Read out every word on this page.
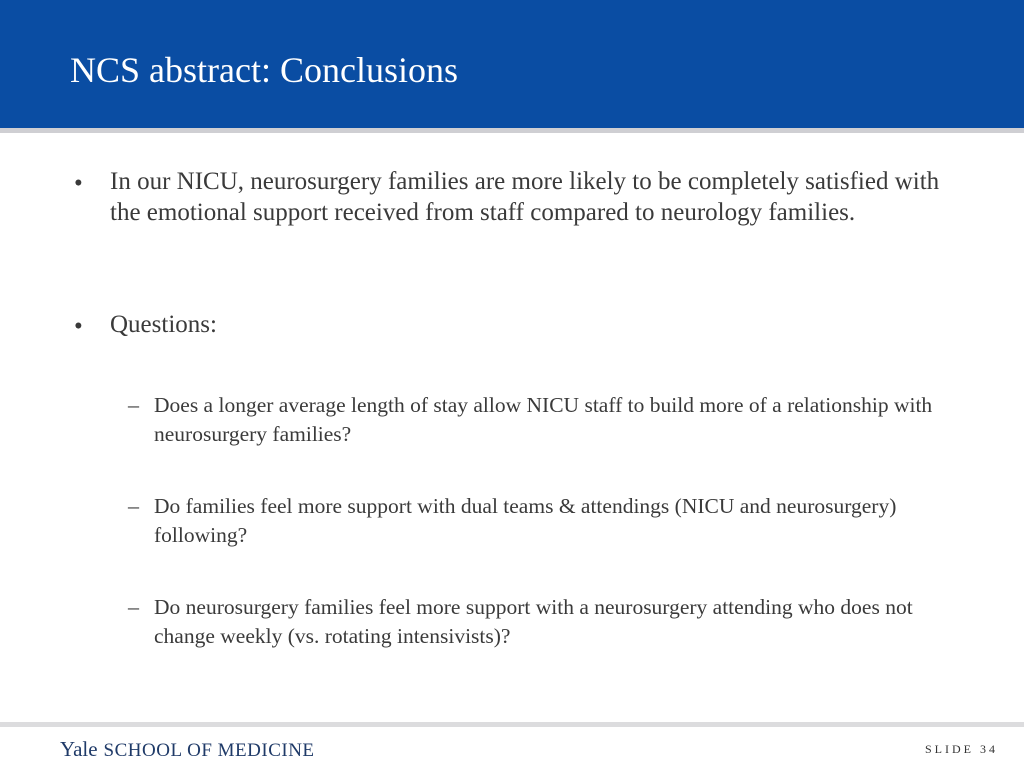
NCS abstract: Conclusions
• In our NICU, neurosurgery families are more likely to be completely satisfied with the emotional support received from staff compared to neurology families.
• Questions:
– Does a longer average length of stay allow NICU staff to build more of a relationship with neurosurgery families?
– Do families feel more support with dual teams & attendings (NICU and neurosurgery) following?
– Do neurosurgery families feel more support with a neurosurgery attending who does not change weekly (vs. rotating intensivists)?
Yale SCHOOL OF MEDICINE	SLIDE 34
